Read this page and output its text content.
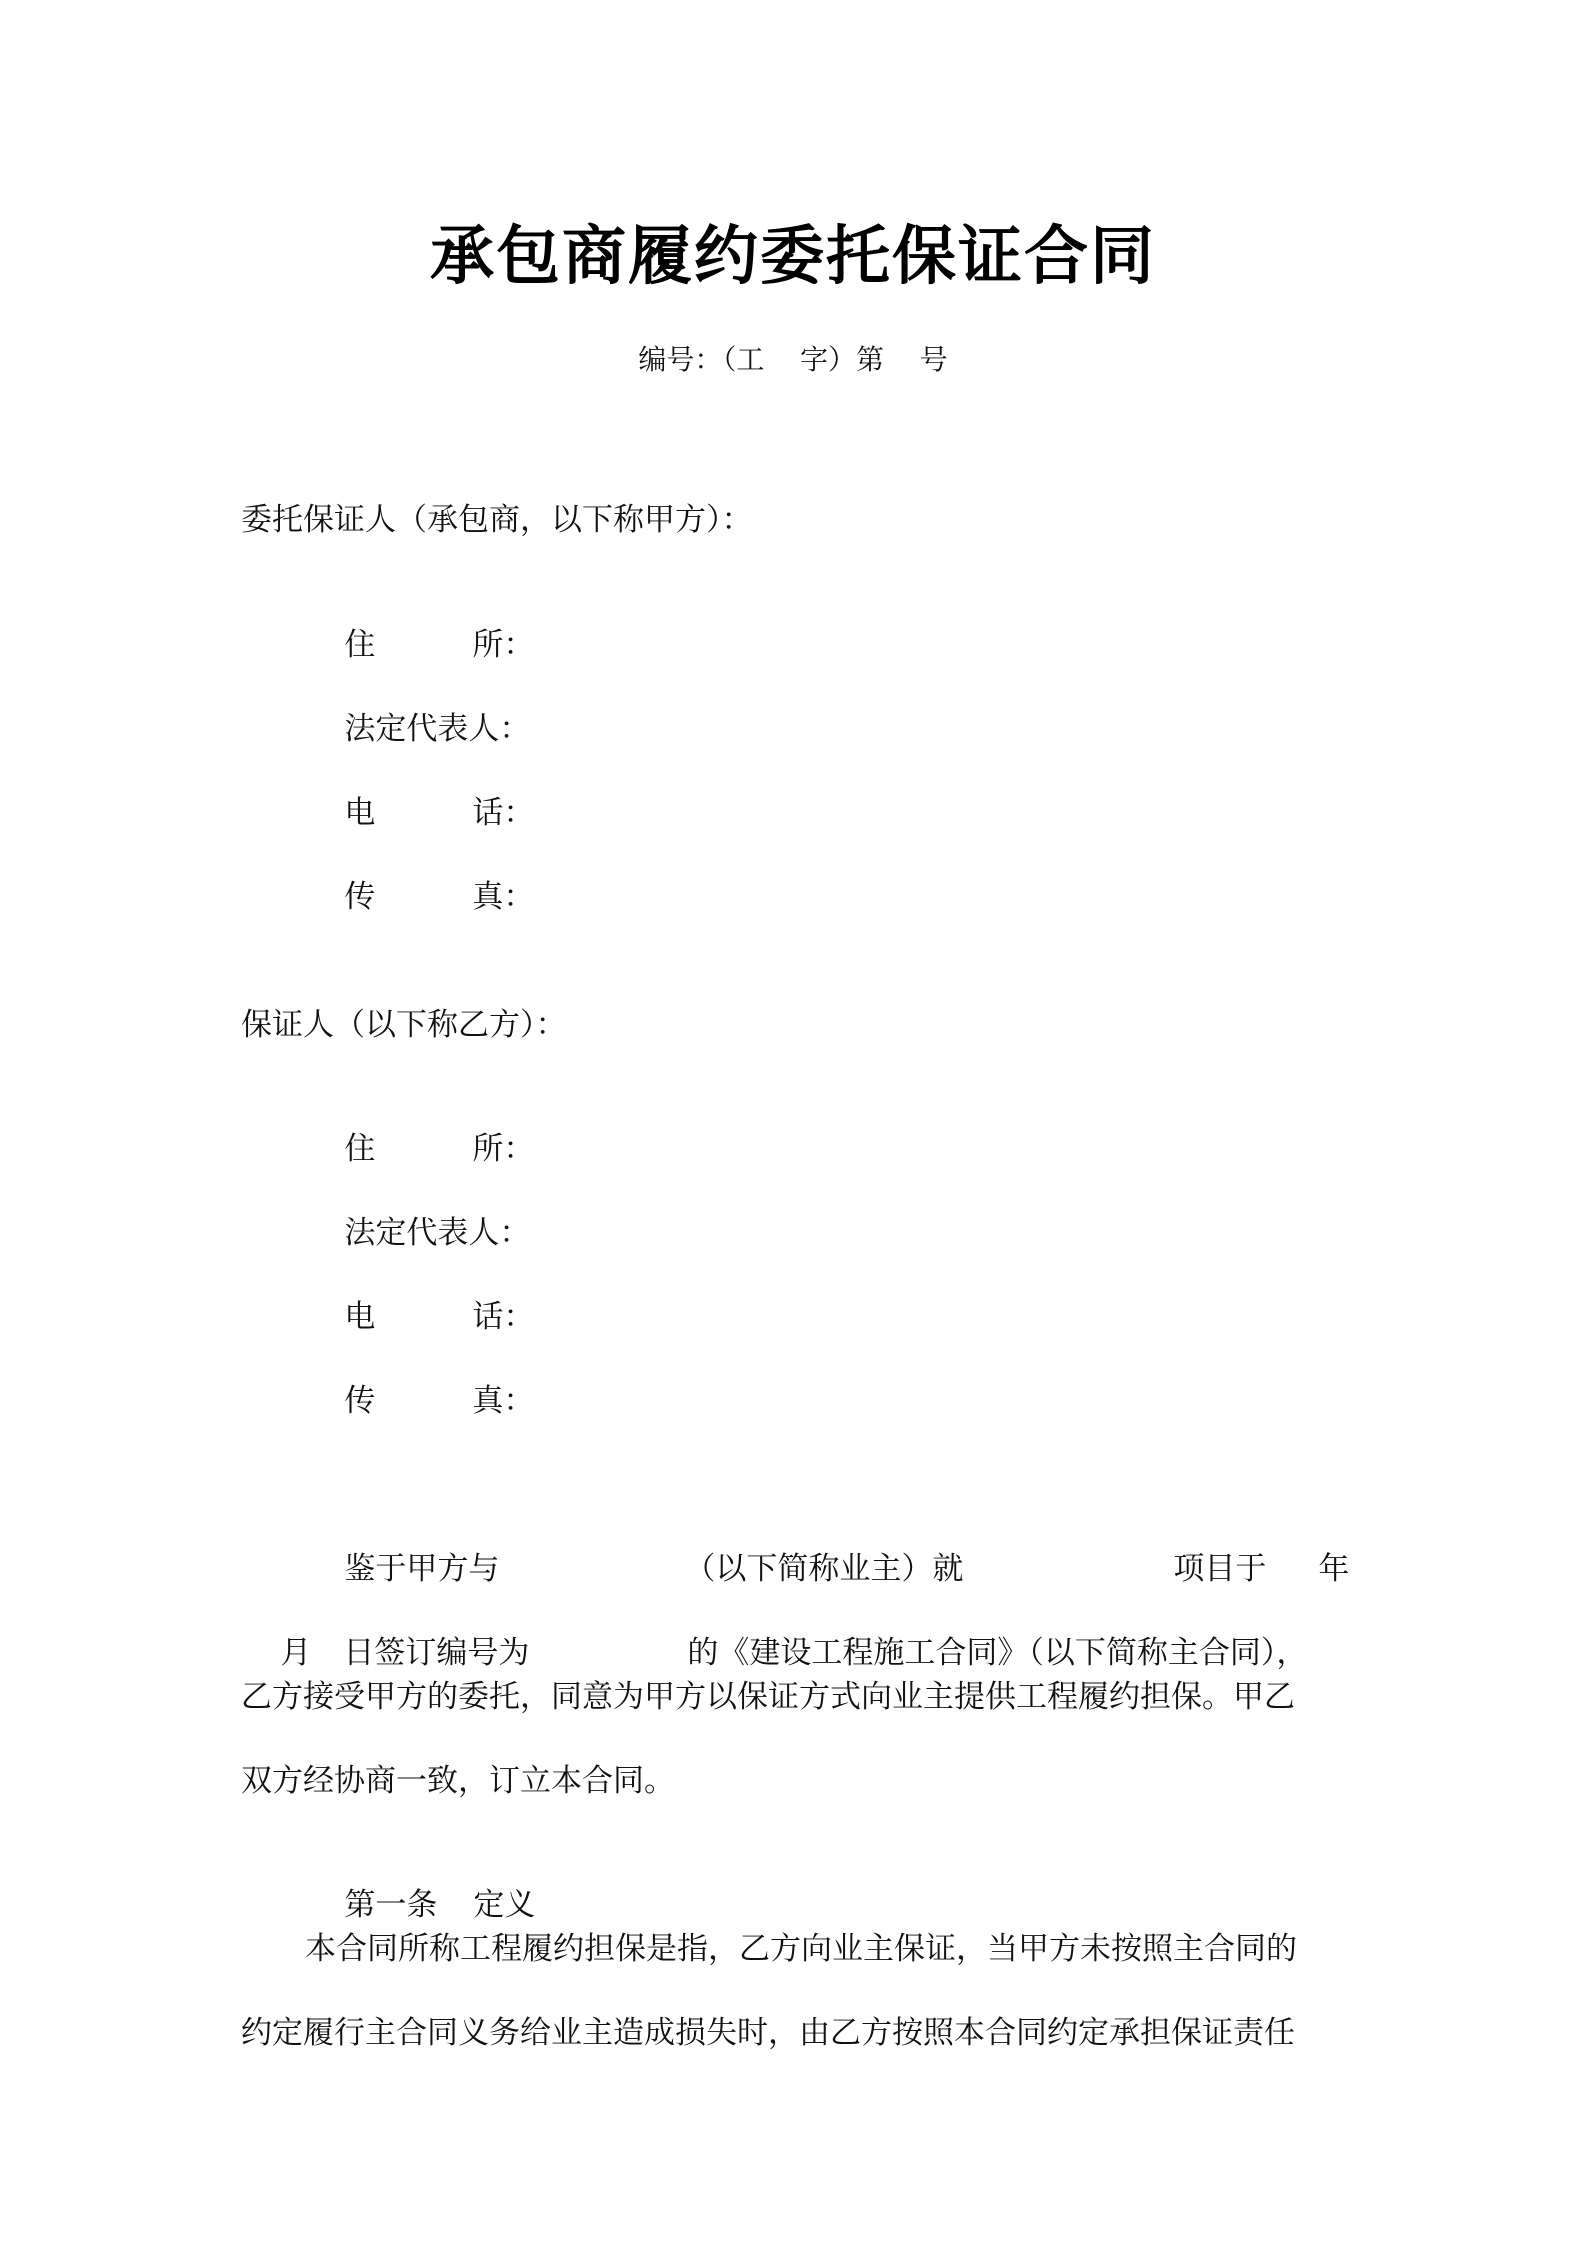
承包商履约委托保证合同
编号：（工    字）第    号
委托保证人（承包商，以下称甲方）：

住	所：

法定代表人：

电	话：

传	真：

保证人（以下称乙方）：

住	所：

法定代表人：

电	话：

传	真：

鉴于甲方与	（以下简称业主）就	项目于 年

月 日签订编号为	的《建设工程施工合同》（以下简称主合同），

乙方接受甲方的委托，同意为甲方以保证方式向业主提供工程履约担保。甲乙
双方经协商一致，订立本合同。

第一条 定义

本合同所称工程履约担保是指，乙方向业主保证，当甲方未按照主合同的
约定履行主合同义务给业主造成损失时，由乙方按照本合同约定承担保证责任
